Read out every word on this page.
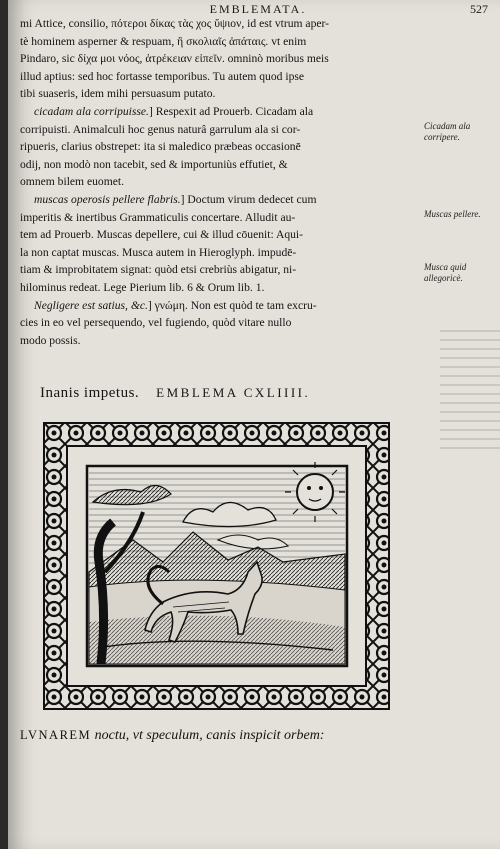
EMBLEMATA.	527

mi Attice, consilio, πότεροι δίκας τὰς χος ὕψιον, id est vtrum aper-

tè hominem asperner & respuam, ἢ σκολιαῖς ἀπάταις. vt enim

Pindaro, sic δίχα μοι νόος, ἀτρέκειαν εἰπεῖν. omninò moribus meis

illud aptius: sed hoc fortasse temporibus. Tu autem quod ipse

tibi suaseris, idem mihi persuasum putato.

cicadam ala corripuisse.] Respexit ad Prouerb. Cicadam ala

corripuisti. Animalculi hoc genus naturâ garrulum ala si cor-

ripueris, clarius obstrepet: ita si maledico præbeas occasionē

odij, non modò non tacebit, sed & importuniùs effutiet, &

omnem bilem euomet.

muscas operosis pellere flabris.] Doctum virum dedecet cum

imperitis & inertibus Grammaticulis concertare. Alludit au-

tem ad Prouerb. Muscas depellere, cui & illud cōuenit: Aqui-

la non captat muscas. Musca autem in Hieroglyph. impudē-

tiam & improbitatem signat: quòd etsi crebriùs abigatur, ni-

hilominus redeat. Lege Pierium lib. 6 & Orum lib. 1.

Negligere est satius, &c.] γνώμη. Non est quòd te tam excru-

cies in eo vel persequendo, vel fugiendo, quòd vitare nullo

modo possis.

Cicadam ala corripere.
Muscas pellere.
Musca quid allegoricè.
Inanis impetus. EMBLEMA CXLIIII.
LVNAREM noctu, vt speculum, canis inspicit orbem:
